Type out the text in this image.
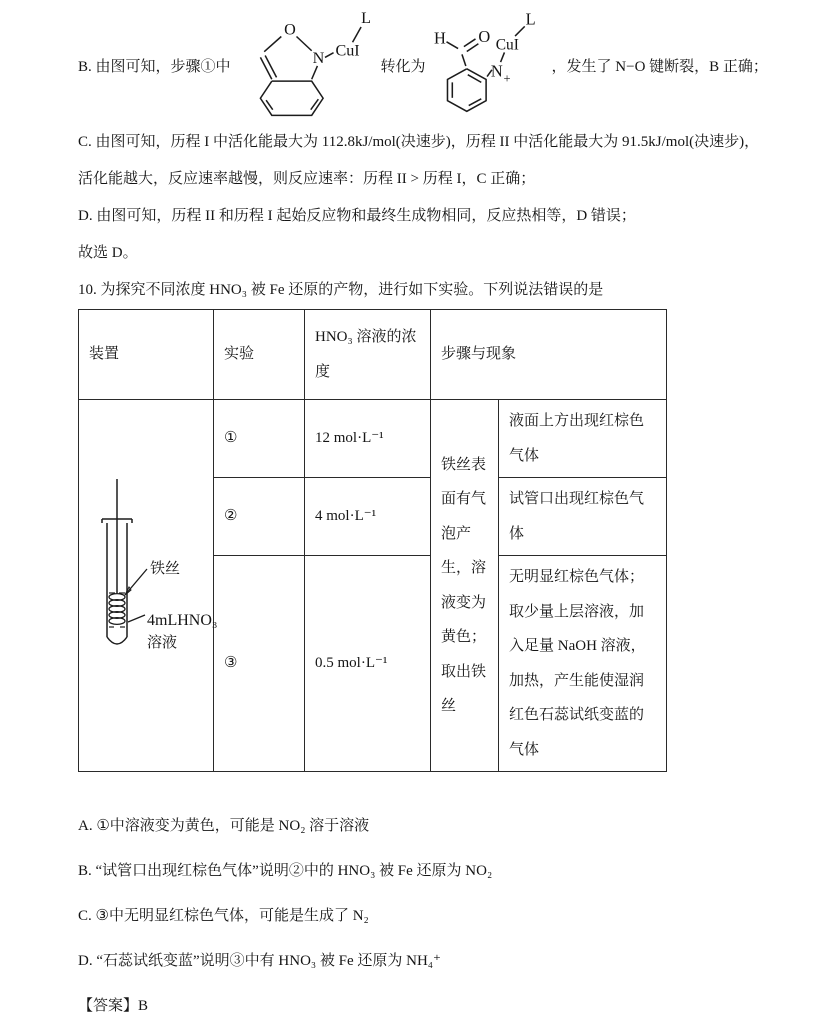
B. 由图可知，步骤①中
O
N CuI
L
转化为
H O CuI
L
N +
，发生了 N−O 键断裂，B 正确；
C. 由图可知，历程 I 中活化能最大为 112.8kJ/mol(决速步)，历程 II 中活化能最大为 91.5kJ/mol(决速步)，
活化能越大，反应速率越慢，则反应速率：历程 II > 历程 I，C 正确；
D. 由图可知，历程 II 和历程 I 起始反应物和最终生成物相同，反应热相等，D 错误；
故选 D。
10. 为探究不同浓度 HNO₃ 被 Fe 还原的产物，进行如下实验。下列说法错误的是
装置	实验	HNO₃ 溶液的浓度	步骤与现象	

铁丝
4mLHNO₃
溶液	①	12 mol·L⁻¹	铁丝表面有气泡产生，溶液变为黄色；取出铁丝	液面上方出现红棕色气体
	②	4 mol·L⁻¹		试管口出现红棕色气体
	③	0.5 mol·L⁻¹		无明显红棕色气体；取少量上层溶液，加入足量 NaOH 溶液，加热，产生能使湿润红色石蕊试纸变蓝的气体
A. ①中溶液变为黄色，可能是 NO₂ 溶于溶液
B. “试管口出现红棕色气体”说明②中的 HNO₃ 被 Fe 还原为 NO₂
C. ③中无明显红棕色气体，可能是生成了 N₂
D. “石蕊试纸变蓝”说明③中有 HNO₃ 被 Fe 还原为 NH₄⁺
【答案】B
